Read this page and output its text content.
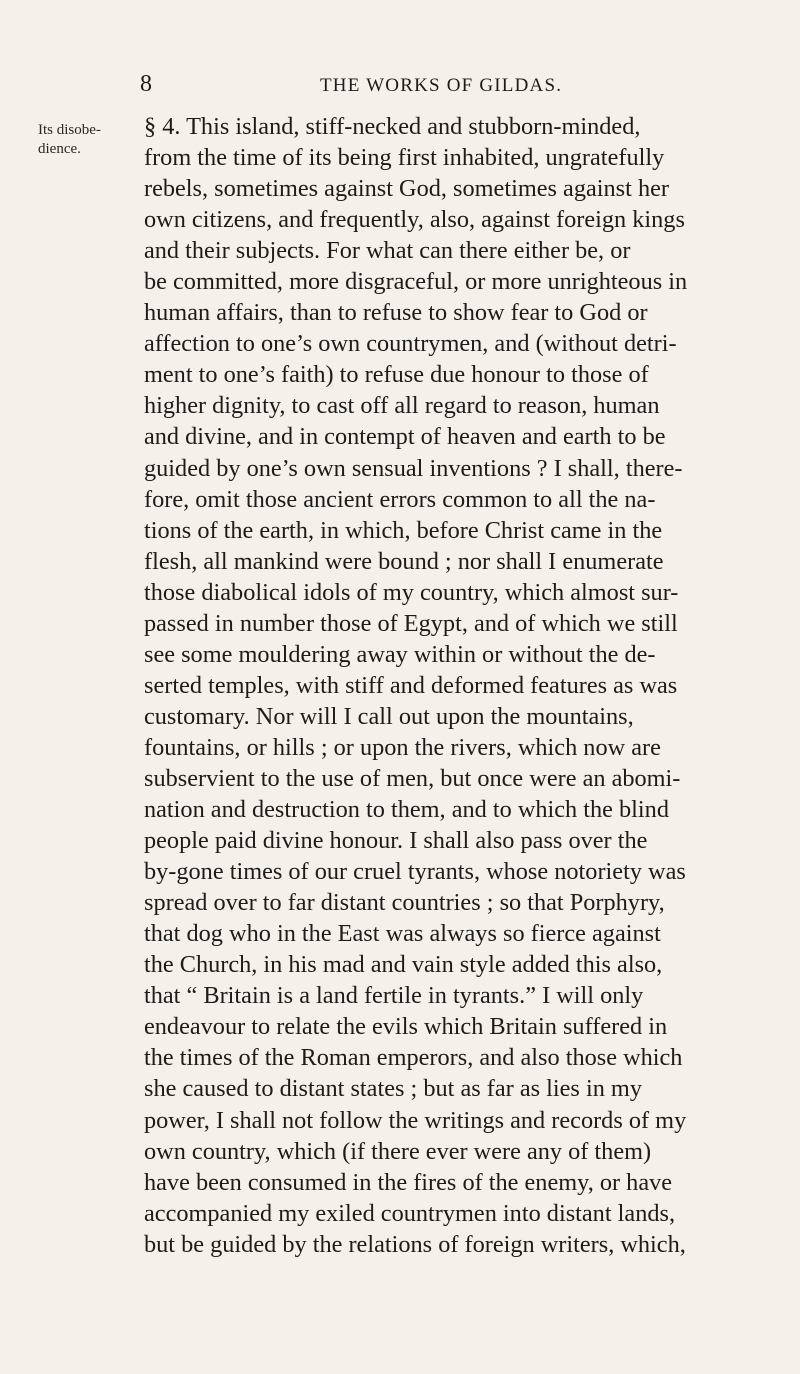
8	THE WORKS OF GILDAS.
Its disobe-
dience.
§ 4. This island, stiff-necked and stubborn-minded,
from the time of its being first inhabited, ungratefully
rebels, sometimes against God, sometimes against her
own citizens, and frequently, also, against foreign kings
and their subjects. For what can there either be, or
be committed, more disgraceful, or more unrighteous in
human affairs, than to refuse to show fear to God or
affection to one’s own countrymen, and (without detri-
ment to one’s faith) to refuse due honour to those of
higher dignity, to cast off all regard to reason, human
and divine, and in contempt of heaven and earth to be
guided by one’s own sensual inventions ? I shall, there-
fore, omit those ancient errors common to all the na-
tions of the earth, in which, before Christ came in the
flesh, all mankind were bound ; nor shall I enumerate
those diabolical idols of my country, which almost sur-
passed in number those of Egypt, and of which we still
see some mouldering away within or without the de-
serted temples, with stiff and deformed features as was
customary. Nor will I call out upon the mountains,
fountains, or hills ; or upon the rivers, which now are
subservient to the use of men, but once were an abomi-
nation and destruction to them, and to which the blind
people paid divine honour. I shall also pass over the
by-gone times of our cruel tyrants, whose notoriety was
spread over to far distant countries ; so that Porphyry,
that dog who in the East was always so fierce against
the Church, in his mad and vain style added this also,
that “ Britain is a land fertile in tyrants.” I will only
endeavour to relate the evils which Britain suffered in
the times of the Roman emperors, and also those which
she caused to distant states ; but as far as lies in my
power, I shall not follow the writings and records of my
own country, which (if there ever were any of them)
have been consumed in the fires of the enemy, or have
accompanied my exiled countrymen into distant lands,
but be guided by the relations of foreign writers, which,
